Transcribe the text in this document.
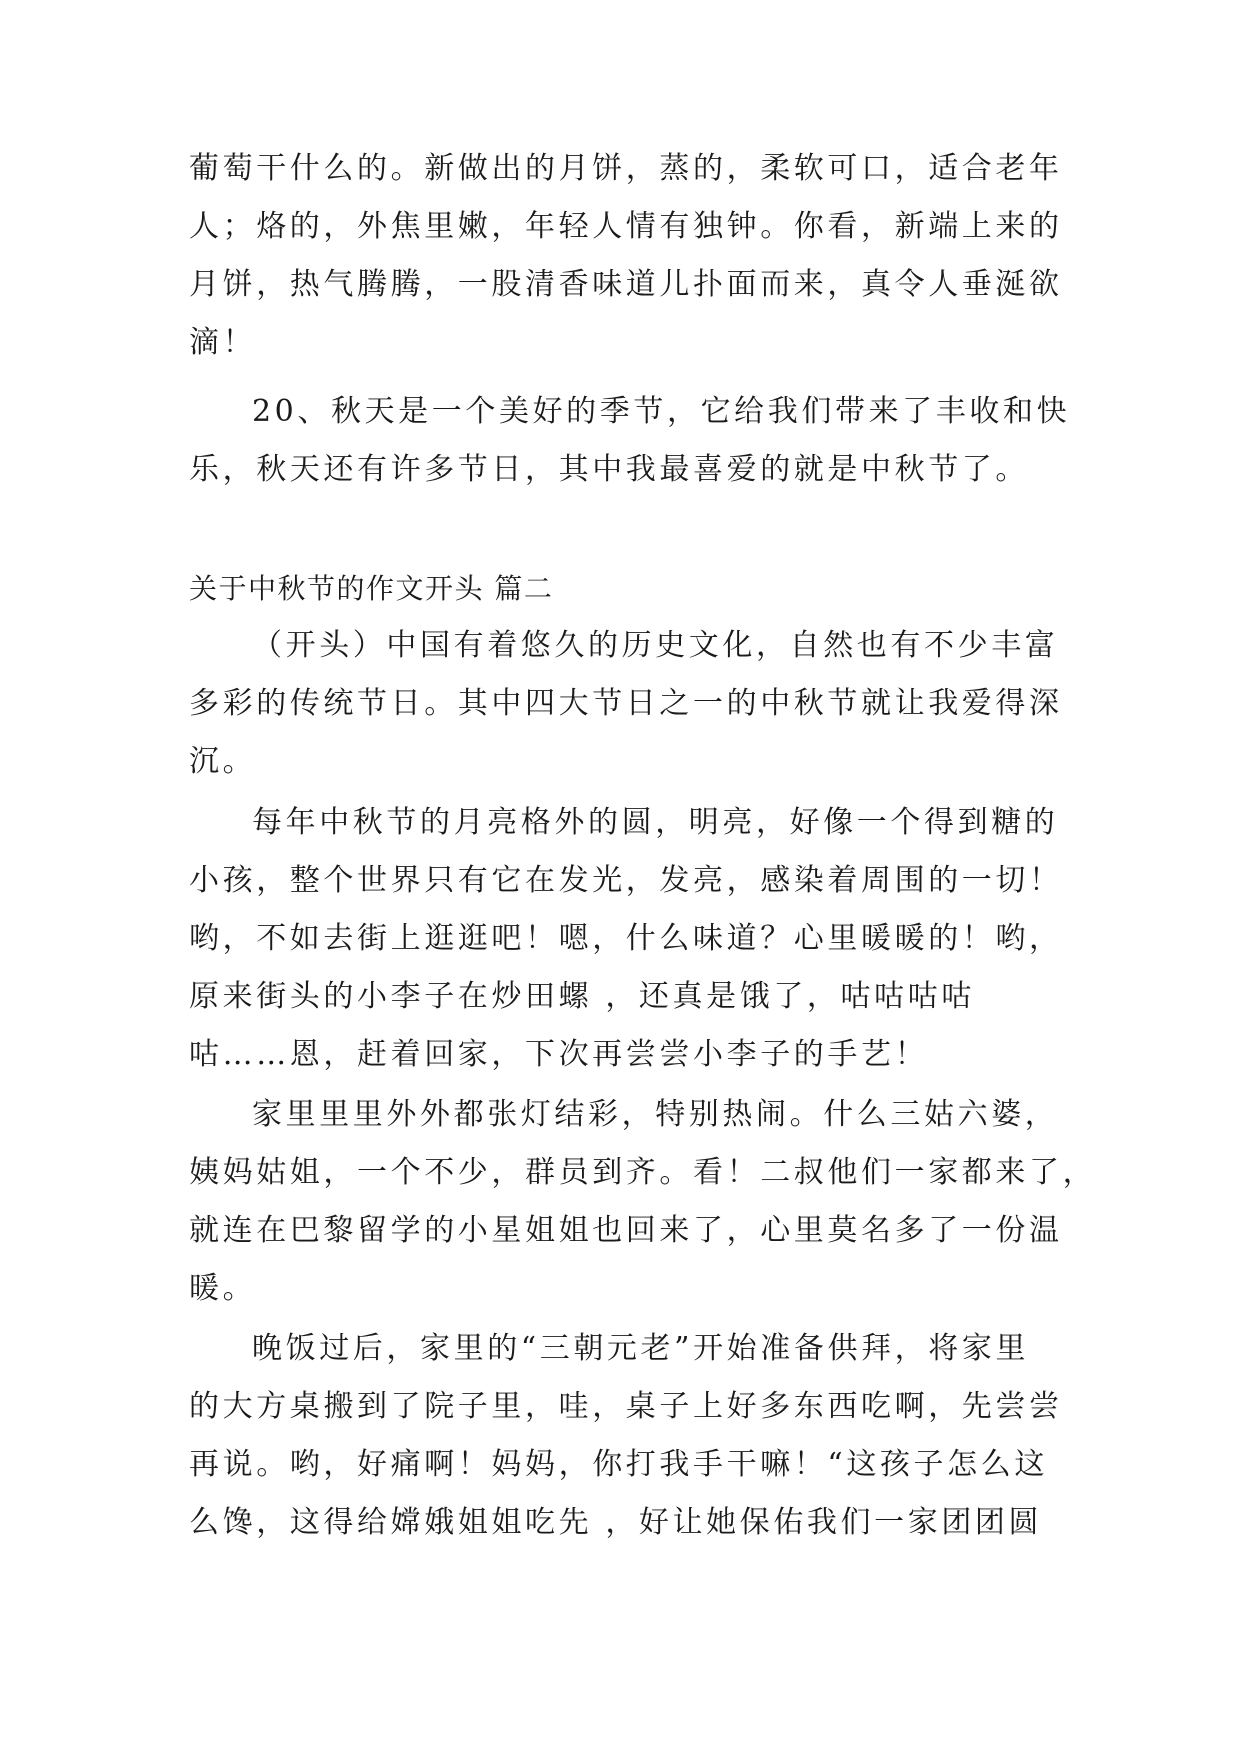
葡萄干什么的。新做出的月饼，蒸的，柔软可口，适合老年
人；烙的，外焦里嫩，年轻人情有独钟。你看，新端上来的
月饼，热气腾腾，一股清香味道儿扑面而来，真令人垂涎欲
滴！
20、秋天是一个美好的季节，它给我们带来了丰收和快
乐，秋天还有许多节日，其中我最喜爱的就是中秋节了。
关于中秋节的作文开头 篇二
（开头）中国有着悠久的历史文化，自然也有不少丰富
多彩的传统节日。其中四大节日之一的中秋节就让我爱得深
沉。
每年中秋节的月亮格外的圆，明亮，好像一个得到糖的
小孩，整个世界只有它在发光，发亮，感染着周围的一切！
哟，不如去街上逛逛吧！嗯，什么味道？心里暖暖的！哟，
原来街头的小李子在炒田螺 ，还真是饿了，咕咕咕咕
咕……恩，赶着回家，下次再尝尝小李子的手艺！
家里里里外外都张灯结彩，特别热闹。什么三姑六婆，
姨妈姑姐，一个不少，群员到齐。看！二叔他们一家都来了，
就连在巴黎留学的小星姐姐也回来了，心里莫名多了一份温
暖。
晚饭过后，家里的“三朝元老”开始准备供拜，将家里
的大方桌搬到了院子里，哇，桌子上好多东西吃啊，先尝尝
再说。哟，好痛啊！妈妈，你打我手干嘛！“这孩子怎么这
么馋，这得给嫦娥姐姐吃先 ，好让她保佑我们一家团团圆
